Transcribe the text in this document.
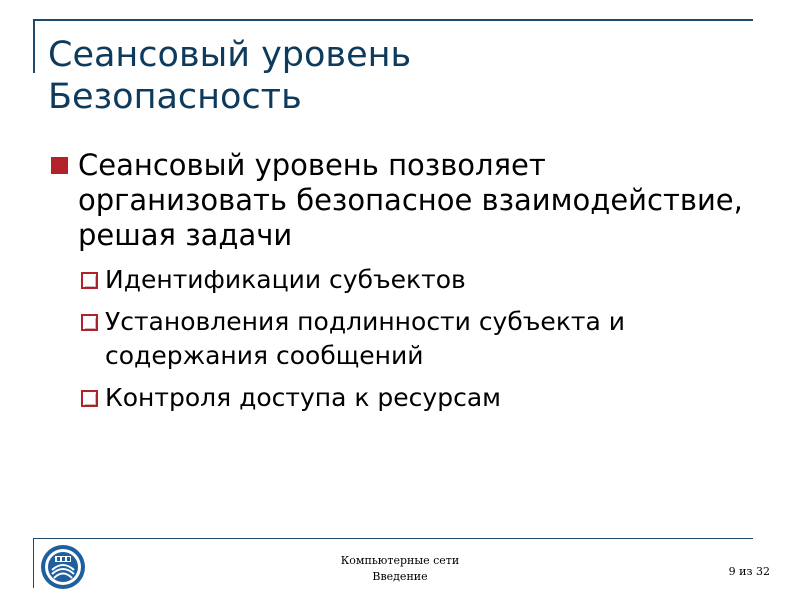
Сеансовый уровень
Безопасность
Сеансовый уровень позволяет организовать безопасное взаимодействие, решая задачи
Идентификации субъектов
Установления подлинности субъекта и содержания сообщений
Контроля доступа к ресурсам
Компьютерные сети
Введение	9 из 32
